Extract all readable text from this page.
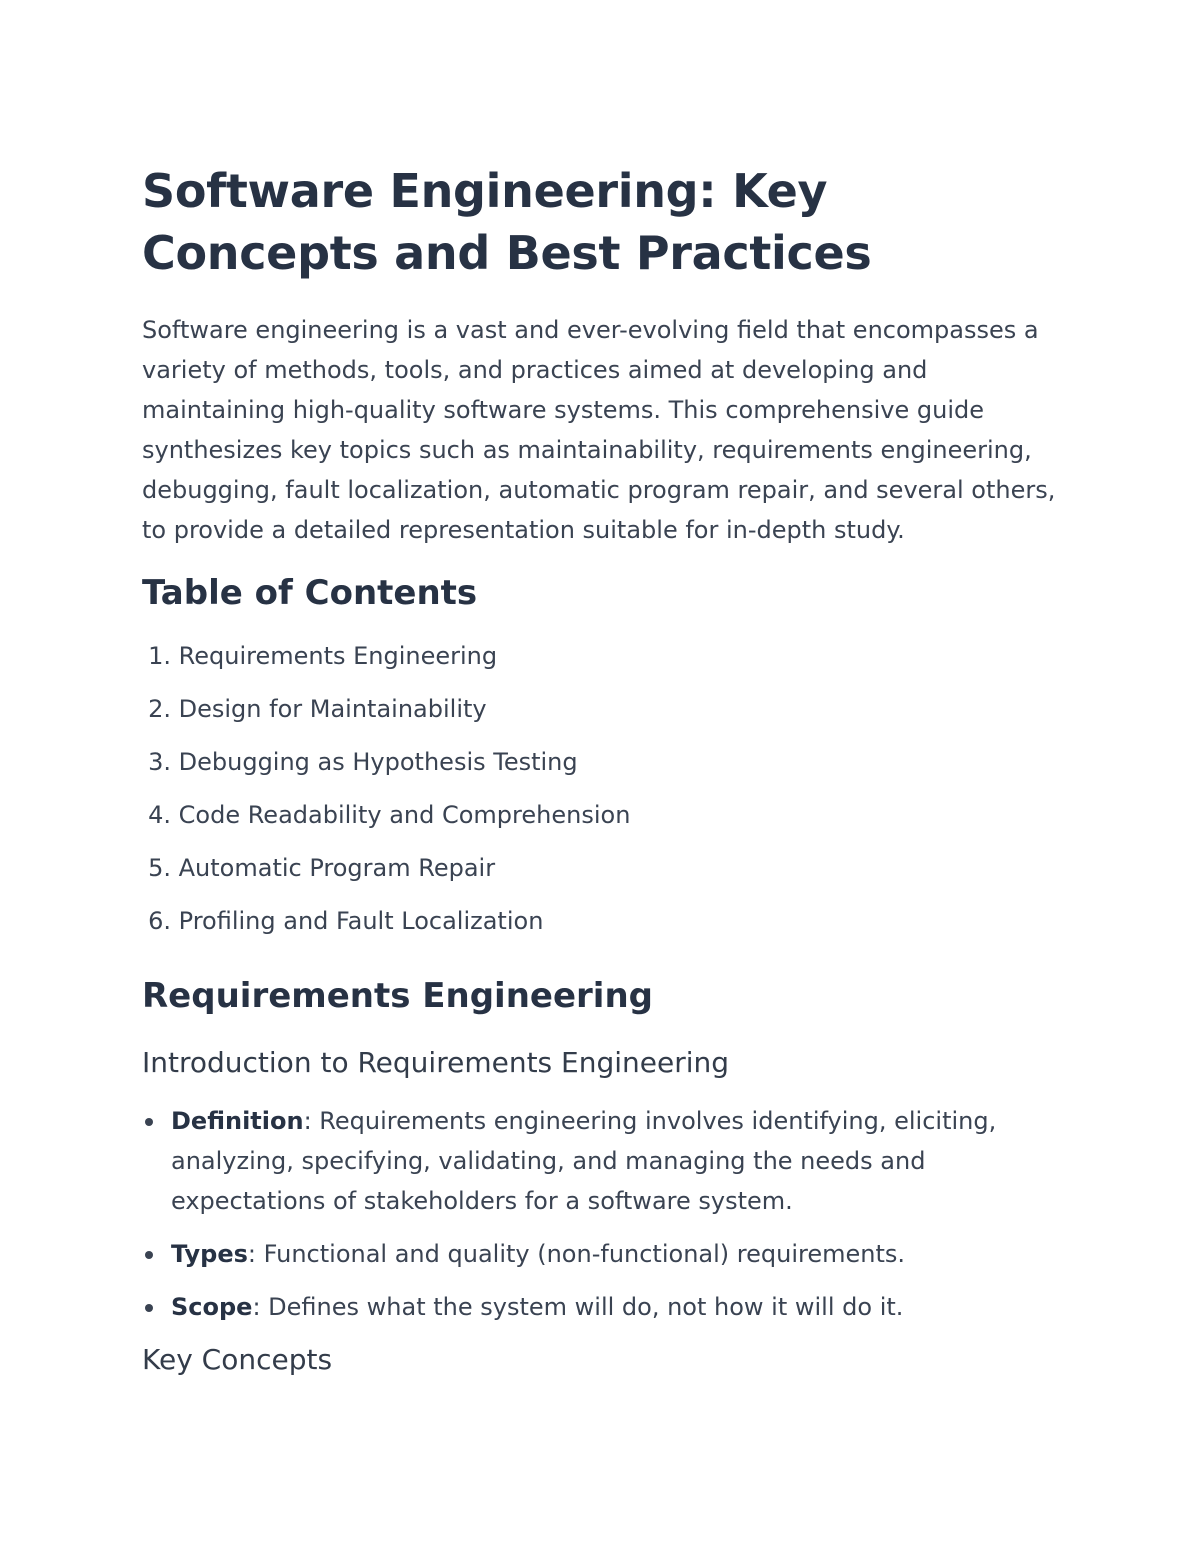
Software Engineering: Key Concepts and Best Practices

Software engineering is a vast and ever-evolving field that encompasses a variety of methods, tools, and practices aimed at developing and maintaining high-quality software systems. This comprehensive guide synthesizes key topics such as maintainability, requirements engineering, debugging, fault localization, automatic program repair, and several others, to provide a detailed representation suitable for in-depth study.

Table of Contents
1.
Requirements Engineering
2.
Design for Maintainability
3.
Debugging as Hypothesis Testing
4.
Code Readability and Comprehension
5.
Automatic Program Repair
6.
Profiling and Fault Localization
Requirements Engineering
Introduction to Requirements Engineering
Definition: Requirements engineering involves identifying, eliciting, analyzing, specifying, validating, and managing the needs and expectations of stakeholders for a software system.
Types: Functional and quality (non-functional) requirements.
Scope: Defines what the system will do, not how it will do it.
Key Concepts
